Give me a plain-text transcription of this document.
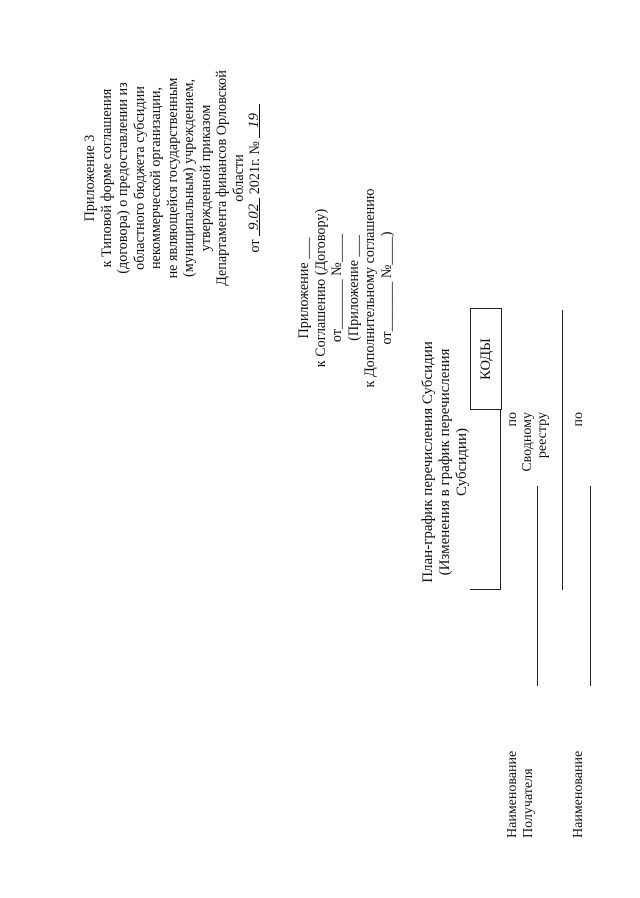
Приложение 3 к Типовой форме соглашения (договора) о предоставлении из областного бюджета субсидии некоммерческой организации, не являющейся государственным (муниципальным) учреждением, утвержденной приказом Департамента финансов Орловской области
от 9.02 2021г. № 19
Приложение ___ к Соглашению (Договору) от_______ №____ (Приложение ___ к Дополнительному соглашению от_______ №____)
План-график перечисления Субсидии (Изменения в график перечисления Субсидии)
КОДЫ
Наименование Получателя
по Сводному реестру
Наименование
по
